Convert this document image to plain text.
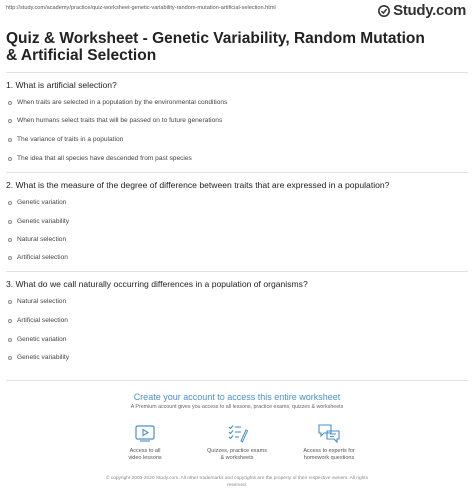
http://study.com/academy/practice/quiz-worksheet-genetic-variability-random-mutation-artificial-selection.html	Study.com
Quiz & Worksheet - Genetic Variability, Random Mutation
& Artificial Selection

1. What is artificial selection?

When traits are selected in a population by the environmental conditions
When humans select traits that will be passed on to future generations
The variance of traits in a population
The idea that all species have descended from past species

2. What is the measure of the degree of difference between traits that are expressed in a population?

Genetic variation
Genetic variability
Natural selection
Artificial selection

3. What do we call naturally occurring differences in a population of organisms?

Natural selection
Artificial selection
Genetic variation
Genetic variability
Create your account to access this entire worksheet
A Premium account gives you access to all lessons, practice exams, quizzes & worksheets
Access to all
video lessons
Quizzes, practice exams
& worksheets
Access to experts for
homework questions
© copyright 2003-2020 Study.com. All other trademarks and copyrights are the property of their respective owners. All rights
reserved.
